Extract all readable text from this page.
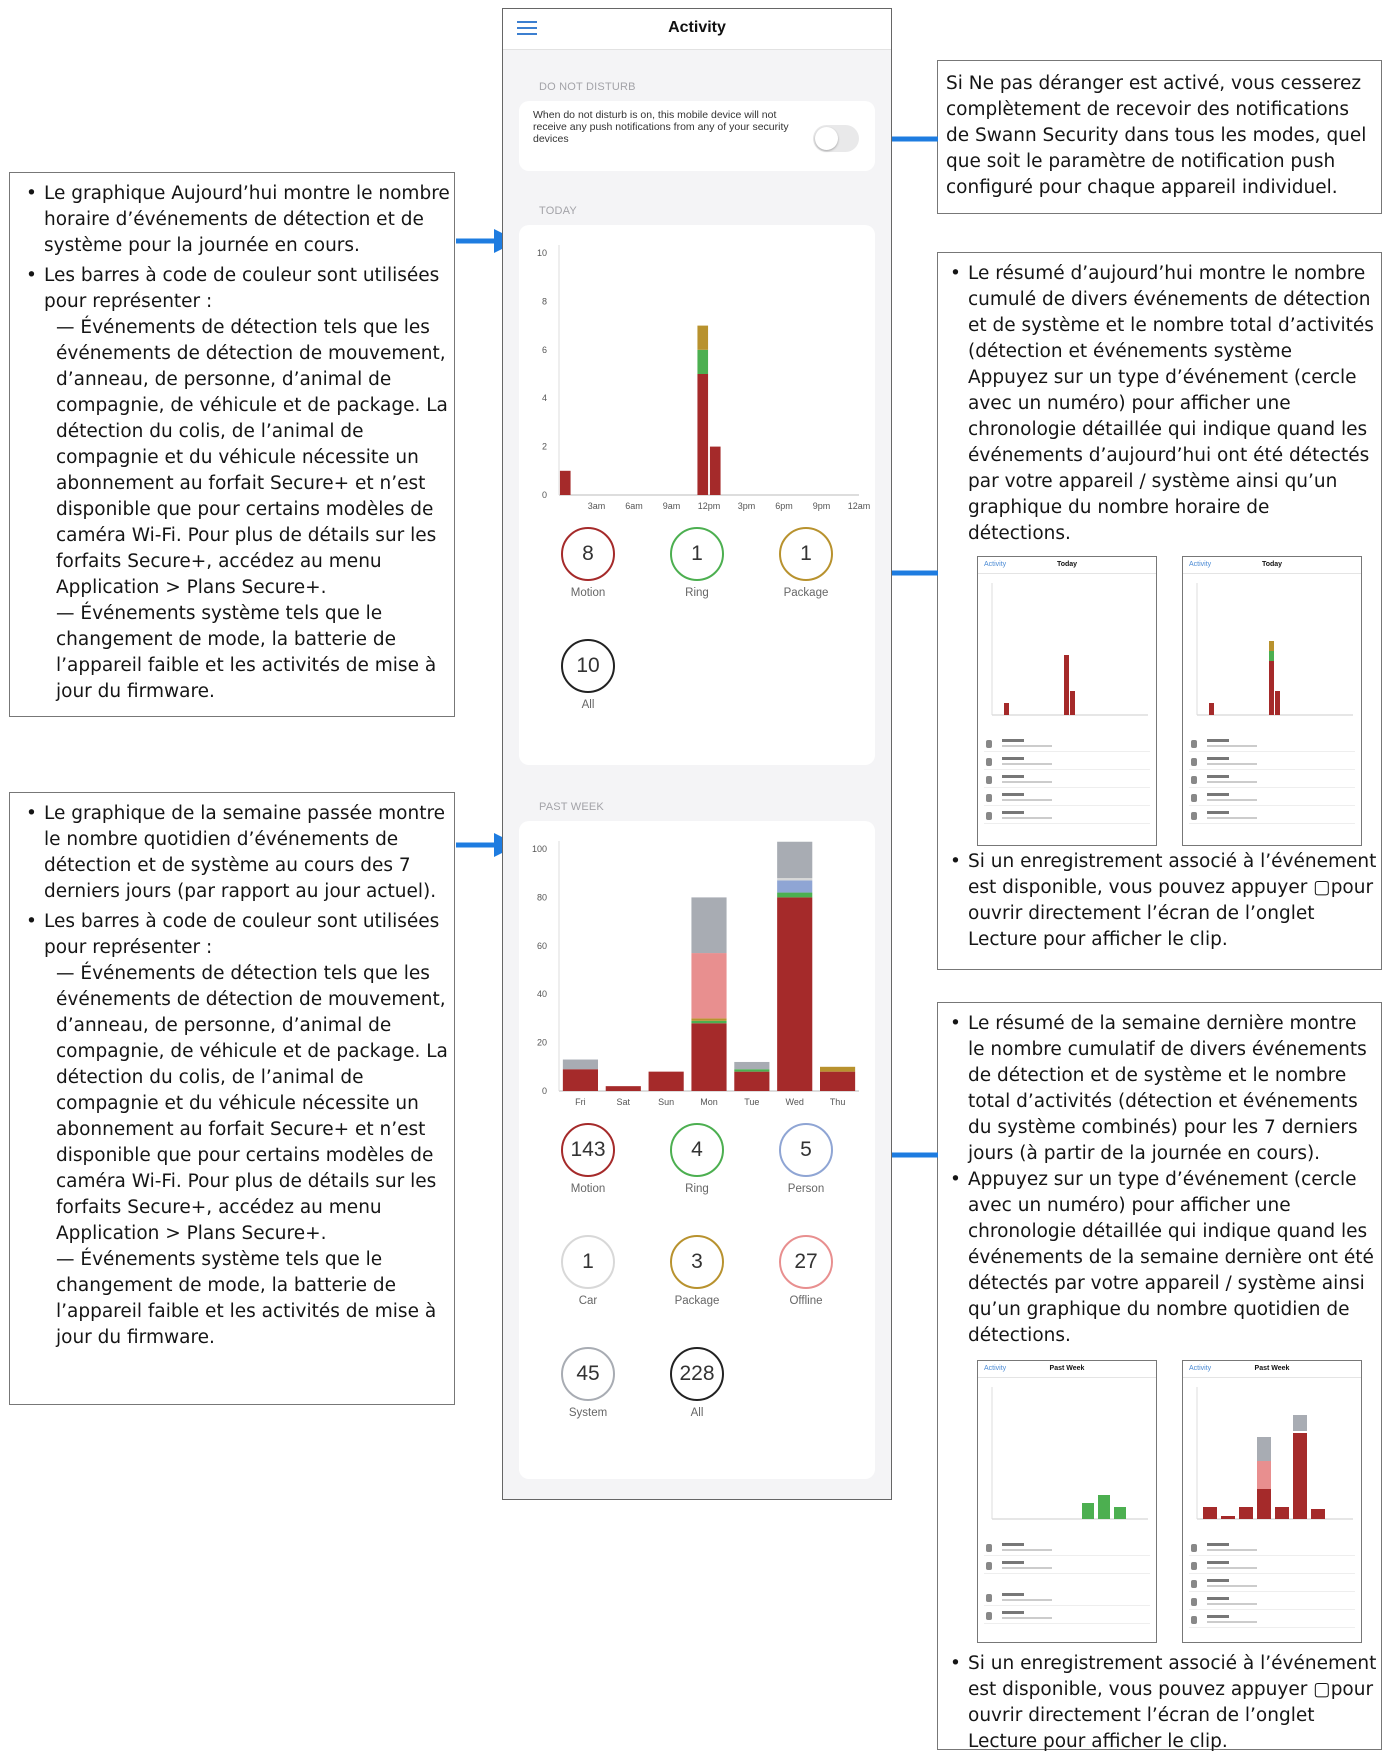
• Le graphique Aujourd’hui montre le nombre horaire d’événements de détection et de système pour la journée en cours.
• Les barres à code de couleur sont utilisées pour représenter :
— Événements de détection tels que les événements de détection de mouvement, d’anneau, de personne, d’animal de compagnie, de véhicule et de package. La détection du colis, de l’animal de compagnie et du véhicule nécessite un abonnement au forfait Secure+ et n’est disponible que pour certains modèles de caméra Wi-Fi. Pour plus de détails sur les forfaits Secure+, accédez au menu Application > Plans Secure+.
— Événements système tels que le changement de mode, la batterie de l’appareil faible et les activités de mise à jour du firmware.
• Le graphique de la semaine passée montre le nombre quotidien d’événements de détection et de système au cours des 7 derniers jours (par rapport au jour actuel).
• Les barres à code de couleur sont utilisées pour représenter :
— Événements de détection tels que les événements de détection de mouvement, d’anneau, de personne, d’animal de compagnie, de véhicule et de package. La détection du colis, de l’animal de compagnie et du véhicule nécessite un abonnement au forfait Secure+ et n’est disponible que pour certains modèles de caméra Wi-Fi. Pour plus de détails sur les forfaits Secure+, accédez au menu Application > Plans Secure+.
— Événements système tels que le changement de mode, la batterie de l’appareil faible et les activités de mise à jour du firmware.
Si Ne pas déranger est activé, vous cesserez complètement de recevoir des notifications de Swann Security dans tous les modes, quel que soit le paramètre de notification push configuré pour chaque appareil individuel.
• Le résumé d’aujourd’hui montre le nombre cumulé de divers événements de détection et de système et le nombre total d’activités (détection et événements système Appuyez sur un type d’événement (cercle avec un numéro) pour afficher une chronologie détaillée qui indique quand les événements d’aujourd’hui ont été détectés par votre appareil / système ainsi qu’un graphique du nombre horaire de détections.
• Si un enregistrement associé à l’événement est disponible, vous pouvez appuyer ▢pour ouvrir directement l’écran de l’onglet Lecture pour afficher le clip.
• Le résumé de la semaine dernière montre le nombre cumulatif de divers événements de détection et de système et le nombre total d’activités (détection et événements du système combinés) pour les 7 derniers jours (à partir de la journée en cours).
• Appuyez sur un type d’événement (cercle avec un numéro) pour afficher une chronologie détaillée qui indique quand les événements de la semaine dernière ont été détectés par votre appareil / système ainsi qu’un graphique du nombre quotidien de détections.
• Si un enregistrement associé à l’événement est disponible, vous pouvez appuyer ▢pour ouvrir directement l’écran de l’onglet Lecture pour afficher le clip.
Activity	Today	Activity	Today
Activity	Past Week	Activity	Past Week
Activity
DO NOT DISTURB
When do not disturb is on, this mobile device will not receive any push notifications from any of your security devices
TODAY
0
2
4
6
8
10
3am 6am 9am 12pm 3pm 6pm 9pm 12am
8
Motion
1
Ring
1
Package
10
All
PAST WEEK
0
20
40
60
80
100
Fri	Sat	Sun	Mon	Tue	Wed	Thu
143
Motion
4
Ring
5
Person
1
Car
3
Package
27
Offline
45
System
228
All
